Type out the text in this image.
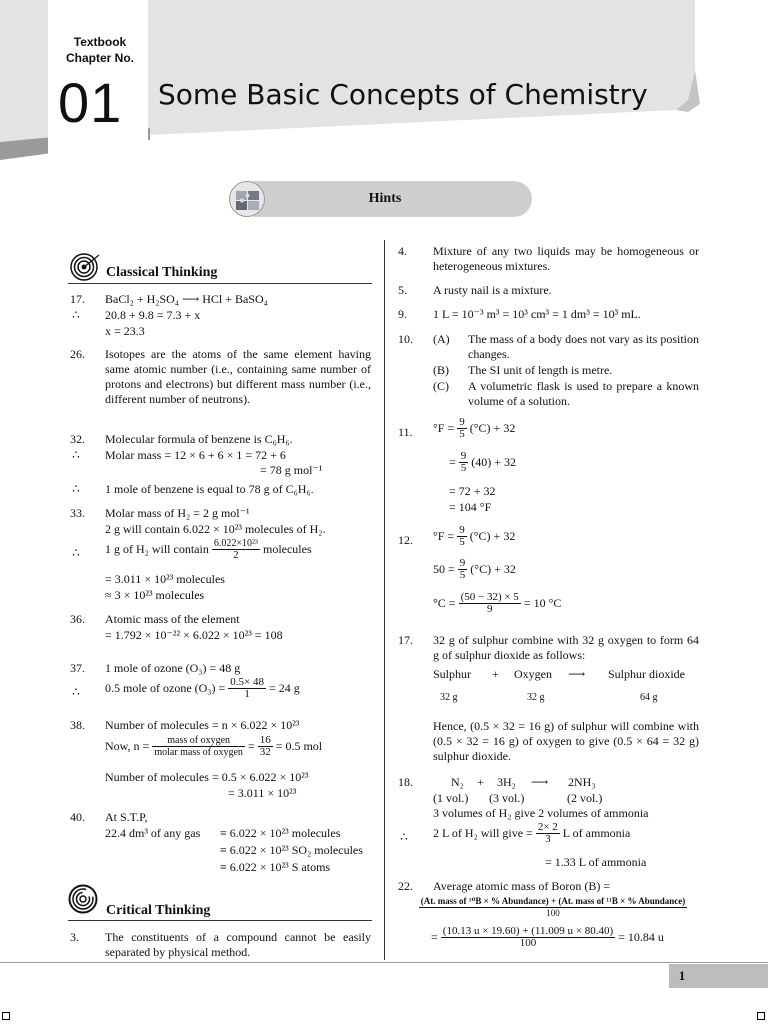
Textbook
Chapter No.
01 Some Basic Concepts of Chemistry
Hints
Classical Thinking
17.	BaCl₂ + H₂SO₄ ⟶ HCl + BaSO₄
∴	20.8 + 9.8 = 7.3 + x
x = 23.3
26.	Isotopes are the atoms of the same element having same atomic number (i.e., containing same number of protons and electrons) but different mass number (i.e., different number of neutrons).
32.	Molecular formula of benzene is C₆H₆.
∴	Molar mass = 12 × 6 + 6 × 1 = 72 + 6
= 78 g mol⁻¹
∴	1 mole of benzene is equal to 78 g of C₆H₆.
33.	Molar mass of H₂ = 2 g mol⁻¹
2 g will contain 6.022 × 10²³ molecules of H₂.
∴	1 g of H₂ will contain $\frac{\text{6.022×10²³}}{2}$ molecules
= 3.011 × 10²³ molecules
≈ 3 × 10²³ molecules
36.	Atomic mass of the element
= 1.792 × 10⁻²² × 6.022 × 10²³ = 108
37.	1 mole of ozone (O₃) = 48 g
∴	0.5 mole of ozone $(O_3) = \frac{0.5\times 48}{1} = 24$ g
38.	Number of molecules = n × 6.022 × 10²³
Now, $n = \frac{\text{mass of oxygen}}{\text{molar mass of oxygen}} = \frac{16}{32} = 0.5$ mol
Number of molecules = 0.5 × 6.022 × 10²³
= 3.011 × 10²³
40.	At S.T.P,
22.4 dm³ of any gas ≡ 6.022 × 10²³ molecules
≡ 6.022 × 10²³ SO₂ molecules
≡ 6.022 × 10²³ S atoms
Critical Thinking
3.	The constituents of a compound cannot be easily separated by physical method.
4.	Mixture of any two liquids may be homogeneous or heterogeneous mixtures.
5.	A rusty nail is a mixture.
9.	1 L = 10⁻³ m³ = 10³ cm³ = 1 dm³ = 10³ mL.
10.	(A) The mass of a body does not vary as its position changes.
(B) The SI unit of length is metre.
(C) A volumetric flask is used to prepare a known volume of a solution.
11.	$^\circ F = \frac{9}{5} (^\circ C) + 32$
= $\frac{9}{5} (40) + 32$
= 72 + 32
= 104 °F
12.	$^\circ F = \frac{9}{5} (^\circ C) + 32$
$50 = \frac{9}{5} (^\circ C) + 32$
$^\circ C = \frac{(50 - 32) \times 5}{9} = 10$ °C
17.	32 g of sulphur combine with 32 g oxygen to form 64 g of sulphur dioxide as follows:
Sulphur + Oxygen ⟶ Sulphur dioxide
32 g	32 g	64 g
Hence, (0.5 × 32 = 16 g) of sulphur will combine with (0.5 × 32 = 16 g) of oxygen to give (0.5 × 64 = 32 g) sulphur dioxide.
18.	N₂ + 3H₂ ⟶ 2NH₃
(1 vol.) (3 vol.)	(2 vol.)
3 volumes of H₂ give 2 volumes of ammonia
∴	2 L of H₂ will give = $\frac{2\times 2}{3}$ L of ammonia
= 1.33 L of ammonia
22.	Average atomic mass of Boron (B) =
(At. mass of ¹⁰B × % Abundance) + (At. mass of ¹¹B × % Abundance)
100
= $\frac{(10.13 u \times 19.60) + (11.009 u \times 80.40)}{100} = 10.84$ u
1
